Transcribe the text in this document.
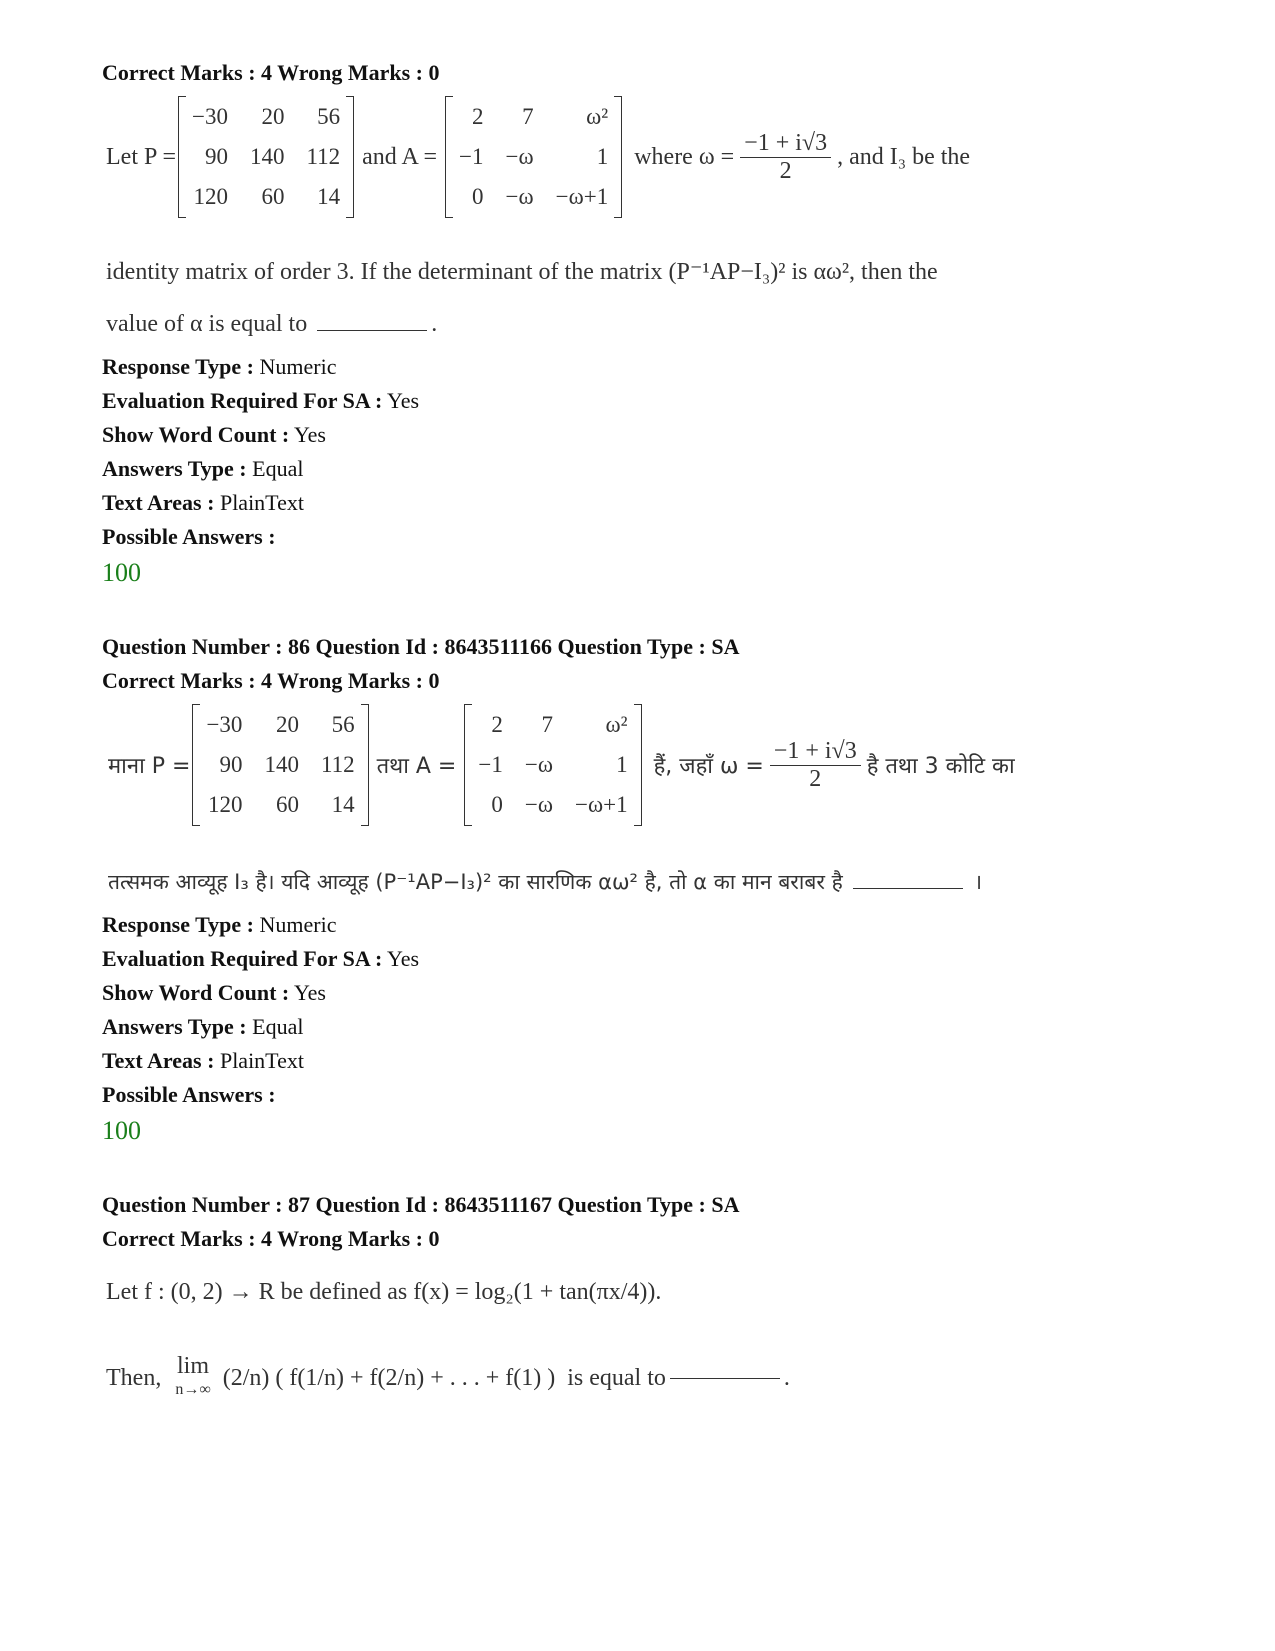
Correct Marks : 4 Wrong Marks : 0
Let P =
−30	20	56
90	140	112
120	60	14
and A =
2	7	ω²
−1	−ω	1
0	−ω	−ω+1
where $\omega = \frac{-1 + i√3}{2}$ , and I₃ be the
identity matrix of order 3. If the determinant of the matrix (P⁻¹AP−I₃)² is αω², then the
value of α is equal to	.
Response Type : Numeric
Evaluation Required For SA : Yes
Show Word Count : Yes
Answers Type : Equal
Text Areas : PlainText
Possible Answers :
100
Question Number : 86 Question Id : 8643511166 Question Type : SA
Correct Marks : 4 Wrong Marks : 0
माना P =
−30	20	56
90	140	112
120	60	14
तथा A =
2	7	ω²
−1	−ω	1
0	−ω	−ω+1
हैं, जहाँ $\omega = \frac{-1 + i√3}{2}$ है तथा 3 कोटि का
तत्समक आव्यूह I₃ है। यदि आव्यूह (P⁻¹AP−I₃)² का सारणिक αω² है, तो α का मान बराबर है	।
Response Type : Numeric
Evaluation Required For SA : Yes
Show Word Count : Yes
Answers Type : Equal
Text Areas : PlainText
Possible Answers :
100
Question Number : 87 Question Id : 8643511167 Question Type : SA
Correct Marks : 4 Wrong Marks : 0
Let f : (0, 2) → R be defined as f(x) = log₂(1 + tan(πx/4)).
Then, lim
n→∞ (2/n) ( f(1/n) + f(2/n) + . . . + f(1) ) is equal to	.
